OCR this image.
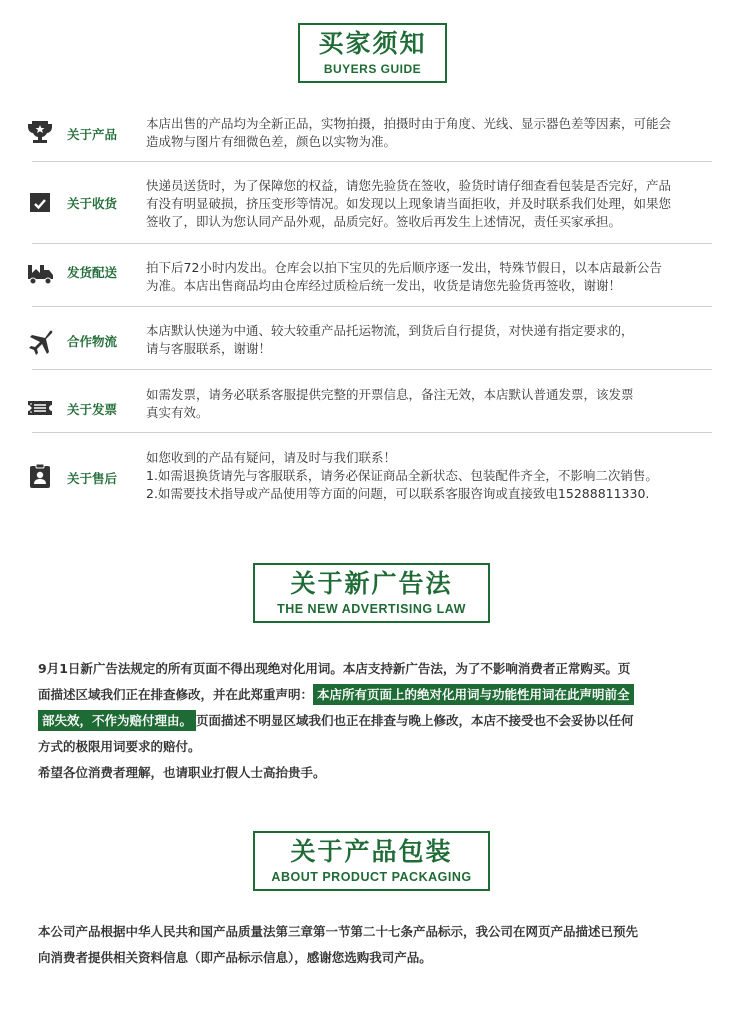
买家须知
BUYERS GUIDE
关于产品
本店出售的产品均为全新正品，实物拍摄，拍摄时由于角度、光线、显示器色差等因素，可能会
造成物与图片有细微色差，颜色以实物为准。
关于收货
快递员送货时，为了保障您的权益，请您先验货在签收，验货时请仔细查看包装是否完好，产品
有没有明显破损，挤压变形等情况。如发现以上现象请当面拒收，并及时联系我们处理，如果您
签收了，即认为您认同产品外观，品质完好。签收后再发生上述情况，责任买家承担。
发货配送 拍下后72小时内发出。仓库会以拍下宝贝的先后顺序逐一发出，特殊节假日，以本店最新公告
为准。本店出售商品均由仓库经过质检后统一发出，收货是请您先验货再签收，谢谢！
合作物流
本店默认快递为中通、较大较重产品托运物流，到货后自行提货，对快递有指定要求的，
请与客服联系，谢谢！
关于发票
如需发票，请务必联系客服提供完整的开票信息，备注无效，本店默认普通发票，该发票
真实有效。
关于售后
如您收到的产品有疑问，请及时与我们联系！
1.如需退换货请先与客服联系，请务必保证商品全新状态、包装配件齐全，不影响二次销售。
2.如需要技术指导或产品使用等方面的问题，可以联系客服咨询或直接致电15288811330.
关于新广告法
THE NEW ADVERTISING LAW
9月1日新广告法规定的所有页面不得出现绝对化用词。本店支持新广告法，为了不影响消费者正常购买。页
面描述区域我们正在排查修改，并在此郑重声明： 本店所有页面上的绝对化用词与功能性用词在此声明前全
部失效，不作为赔付理由。 页面描述不明显区域我们也正在排查与晚上修改，本店不接受也不会妥协以任何
方式的极限用词要求的赔付。
希望各位消费者理解，也请职业打假人士高抬贵手。
关于产品包装
ABOUT PRODUCT PACKAGING
本公司产品根据中华人民共和国产品质量法第三章第一节第二十七条产品标示，我公司在网页产品描述已预先
向消费者提供相关资料信息（即产品标示信息），感谢您选购我司产品。
